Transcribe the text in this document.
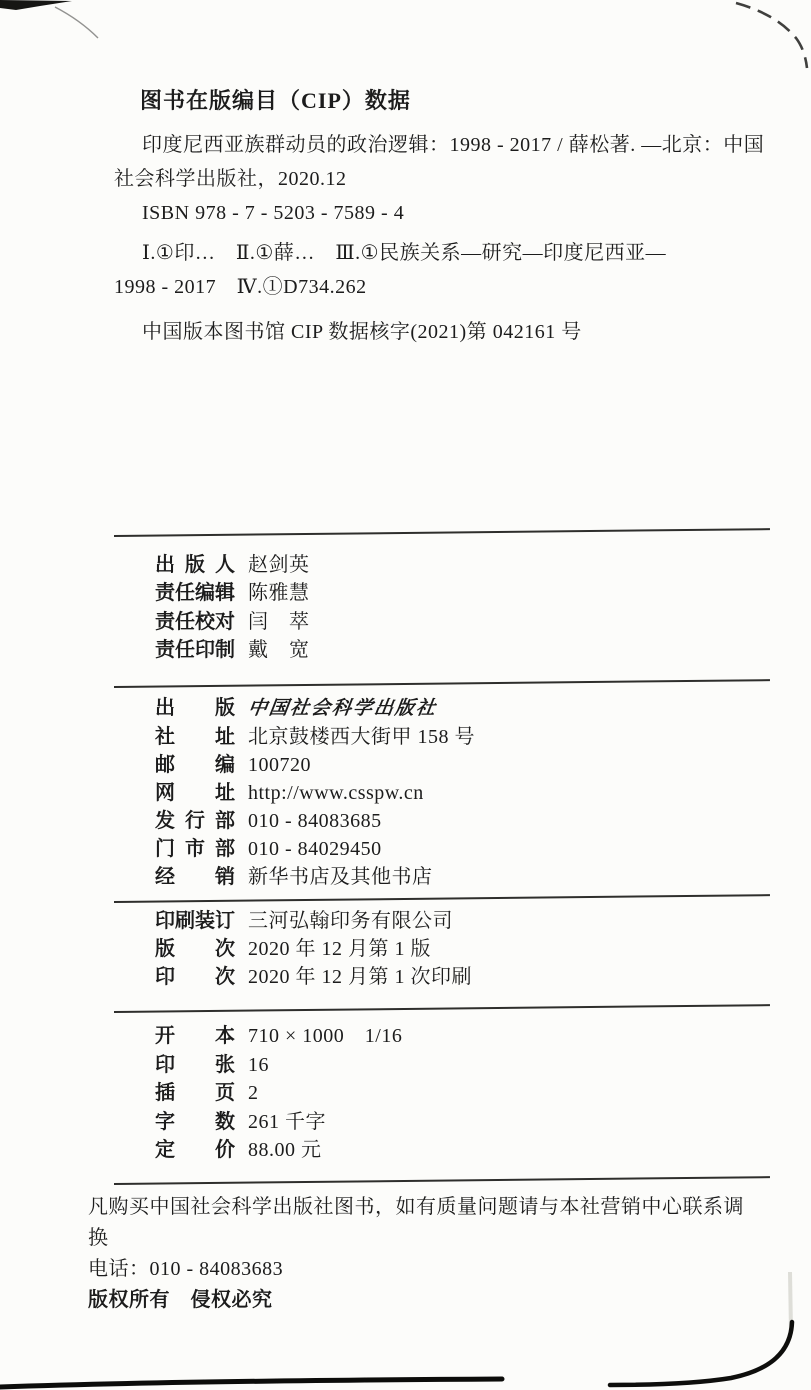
图书在版编目（CIP）数据
印度尼西亚族群动员的政治逻辑：1998 - 2017 / 薛松著. —北京：中国
社会科学出版社，2020.12
ISBN 978 - 7 - 5203 - 7589 - 4
Ⅰ.①印…　Ⅱ.①薛…　Ⅲ.①民族关系—研究—印度尼西亚—
1998 - 2017　Ⅳ.①D734.262
中国版本图书馆 CIP 数据核字(2021)第 042161 号
出版人 赵剑英
责任编辑 陈雅慧
责任校对 闫　萃
责任印制 戴　宽
出版 中国社会科学出版社
社址 北京鼓楼西大街甲 158 号
邮编 100720
网址 http://www.csspw.cn
发行部 010 - 84083685
门市部 010 - 84029450
经销 新华书店及其他书店
印刷装订 三河弘翰印务有限公司
版次 2020 年 12 月第 1 版
印次 2020 年 12 月第 1 次印刷
开本 710 × 1000　1/16
印张 16
插页 2
字数 261 千字
定价 88.00 元
凡购买中国社会科学出版社图书，如有质量问题请与本社营销中心联系调换
电话：010 - 84083683
版权所有　侵权必究
